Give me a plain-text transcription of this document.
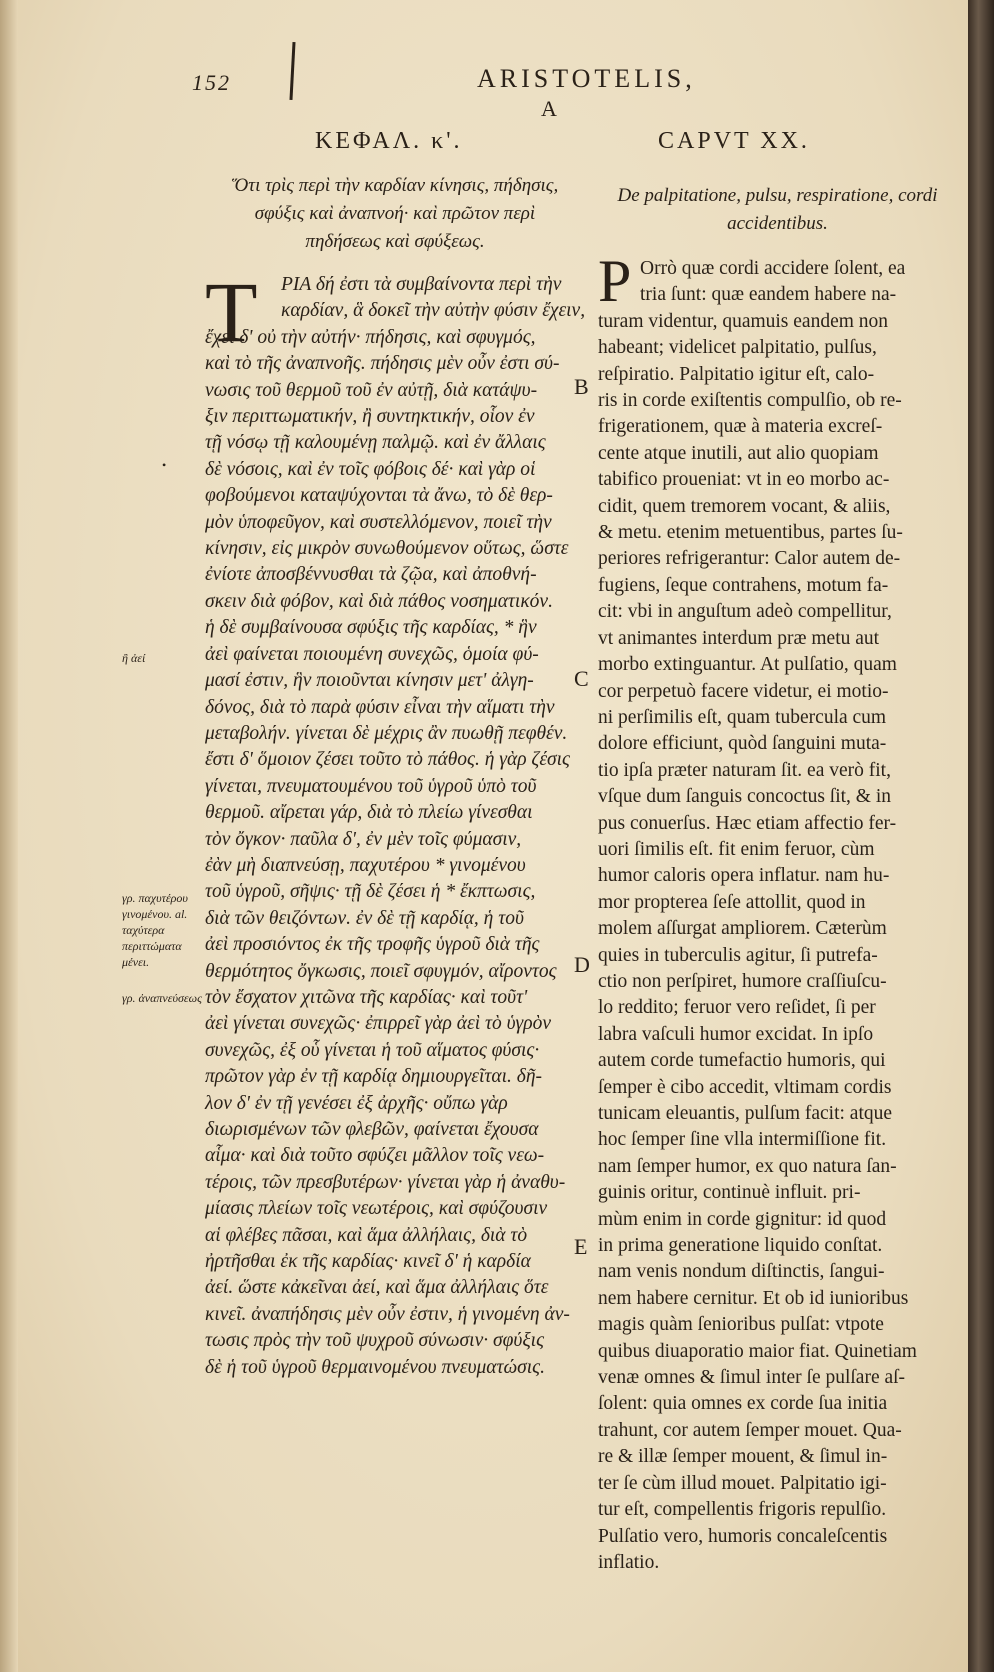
152	ARISTOTELIS,
A
ΚΕΦΑΛ. κ'.	CAPVT XX.
Ὅτι τρὶς περὶ τὴν καρδίαν κίνησις, πήδησις,
σφύξις καὶ ἀναπνοή· καὶ πρῶτον περὶ
πηδήσεως καὶ σφύξεως.
De palpitatione, pulsu, respiratione, cordi
accidentibus.
T	P
ΡΙΑ δή ἐστι τὰ συμβαίνοντα περὶ τὴν
καρδίαν, ἃ δοκεῖ τὴν αὐτὴν φύσιν ἔχειν,
ἔχει δ' οὐ τὴν αὐτήν· πήδησις, καὶ σφυγμός,
καὶ τὸ τῆς ἀναπνοῆς. πήδησις μὲν οὖν ἐστι σύ-
νωσις τοῦ θερμοῦ τοῦ ἐν αὐτῇ, διὰ κατάψυ-
ξιν περιττωματικήν, ἢ συντηκτικήν, οἷον ἐν
τῇ νόσῳ τῇ καλουμένῃ παλμῷ. καὶ ἐν ἄλλαις
δὲ νόσοις, καὶ ἐν τοῖς φόβοις δέ· καὶ γὰρ οἱ
φοβούμενοι καταψύχονται τὰ ἄνω, τὸ δὲ θερ-
μὸν ὑποφεῦγον, καὶ συστελλόμενον, ποιεῖ τὴν
κίνησιν, εἰς μικρὸν συνωθούμενον οὕτως, ὥστε
ἐνίοτε ἀποσβέννυσθαι τὰ ζῷα, καὶ ἀποθνή-
σκειν διὰ φόβον, καὶ διὰ πάθος νοσηματικόν.
ἡ δὲ συμβαίνουσα σφύξις τῆς καρδίας, * ἣν
ἀεὶ φαίνεται ποιουμένη συνεχῶς, ὁμοία φύ-
μασί ἐστιν, ἣν ποιοῦνται κίνησιν μετ' ἀλγη-
δόνος, διὰ τὸ παρὰ φύσιν εἶναι τὴν αἵματι τὴν
μεταβολήν. γίνεται δὲ μέχρις ἂν πυωθῇ πεφθέν.
ἔστι δ' ὅμοιον ζέσει τοῦτο τὸ πάθος. ἡ γὰρ ζέσις
γίνεται, πνευματουμένου τοῦ ὑγροῦ ὑπὸ τοῦ
θερμοῦ. αἴρεται γάρ, διὰ τὸ πλείω γίνεσθαι
τὸν ὄγκον· παῦλα δ', ἐν μὲν τοῖς φύμασιν,
ἐὰν μὴ διαπνεύσῃ, παχυτέρου * γινομένου
τοῦ ὑγροῦ, σῆψις· τῇ δὲ ζέσει ἡ * ἔκπτωσις,
διὰ τῶν θειζόντων. ἐν δὲ τῇ καρδίᾳ, ἡ τοῦ
ἀεὶ προσιόντος ἐκ τῆς τροφῆς ὑγροῦ διὰ τῆς
θερμότητος ὄγκωσις, ποιεῖ σφυγμόν, αἴροντος
τὸν ἔσχατον χιτῶνα τῆς καρδίας· καὶ τοῦτ'
ἀεὶ γίνεται συνεχῶς· ἐπιρρεῖ γὰρ ἀεὶ τὸ ὑγρὸν
συνεχῶς, ἐξ οὗ γίνεται ἡ τοῦ αἵματος φύσις·
πρῶτον γὰρ ἐν τῇ καρδίᾳ δημιουργεῖται. δῆ-
λον δ' ἐν τῇ γενέσει ἐξ ἀρχῆς· οὔπω γὰρ
διωρισμένων τῶν φλεβῶν, φαίνεται ἔχουσα
αἷμα· καὶ διὰ τοῦτο σφύζει μᾶλλον τοῖς νεω-
τέροις, τῶν πρεσβυτέρων· γίνεται γὰρ ἡ ἀναθυ-
μίασις πλείων τοῖς νεωτέροις, καὶ σφύζουσιν
αἱ φλέβες πᾶσαι, καὶ ἅμα ἀλλήλαις, διὰ τὸ
ἠρτῆσθαι ἐκ τῆς καρδίας· κινεῖ δ' ἡ καρδία
ἀεί. ὥστε κἀκεῖναι ἀεί, καὶ ἅμα ἀλλήλαις ὅτε
κινεῖ. ἀναπήδησις μὲν οὖν ἐστιν, ἡ γινομένη ἀν-
τωσις πρὸς τὴν τοῦ ψυχροῦ σύνωσιν· σφύξις
δὲ ἡ τοῦ ὑγροῦ θερμαινομένου πνευματώσις.
Orrò quæ cordi accidere ſolent, ea
tria ſunt: quæ eandem habere na-
turam videntur, quamuis eandem non
habeant; videlicet palpitatio, pulſus,
reſpiratio. Palpitatio igitur eſt, calo-
ris in corde exiſtentis compulſio, ob re-
frigerationem, quæ à materia excreſ-
cente atque inutili, aut alio quopiam
tabifico proueniat: vt in eo morbo ac-
cidit, quem tremorem vocant, & aliis,
& metu. etenim metuentibus, partes ſu-
periores refrigerantur: Calor autem de-
fugiens, ſeque contrahens, motum fa-
cit: vbi in anguſtum adeò compellitur,
vt animantes interdum præ metu aut
morbo extinguantur. At pulſatio, quam
cor perpetuò facere videtur, ei motio-
ni perſimilis eſt, quam tubercula cum
dolore efficiunt, quòd ſanguini muta-
tio ipſa præter naturam ſit. ea verò fit,
vſque dum ſanguis concoctus ſit, & in
pus conuerſus. Hæc etiam affectio fer-
uori ſimilis eſt. fit enim feruor, cùm
humor caloris opera inflatur. nam hu-
mor propterea ſeſe attollit, quod in
molem aſſurgat ampliorem. Cæterùm
quies in tuberculis agitur, ſi putrefa-
ctio non perſpiret, humore craſſiuſcu-
lo reddito; feruor vero reſidet, ſi per
labra vaſculi humor excidat. In ipſo
autem corde tumefactio humoris, qui
ſemper è cibo accedit, vltimam cordis
tunicam eleuantis, pulſum facit: atque
hoc ſemper ſine vlla intermiſſione fit.
nam ſemper humor, ex quo natura ſan-
guinis oritur, continuè influit. pri-
mùm enim in corde gignitur: id quod
in prima generatione liquido conſtat.
nam venis nondum diſtinctis, ſangui-
nem habere cernitur. Et ob id iunioribus
magis quàm ſenioribus pulſat: vtpote
quibus diuaporatio maior fiat. Quinetiam
venæ omnes & ſimul inter ſe pulſare aſ-
ſolent: quia omnes ex corde ſua initia
trahunt, cor autem ſemper mouet. Qua-
re & illæ ſemper mouent, & ſimul in-
ter ſe cùm illud mouet. Palpitatio igi-
tur eſt, compellentis frigoris repulſio.
Pulſatio vero, humoris concaleſcentis
inflatio.
B
C
D
E
•
ἢ ἀεί
γρ. παχυτέρου γινομένου. al. ταχύτερα περιττώματα μένει.
γρ. ἀναπνεύσεως
